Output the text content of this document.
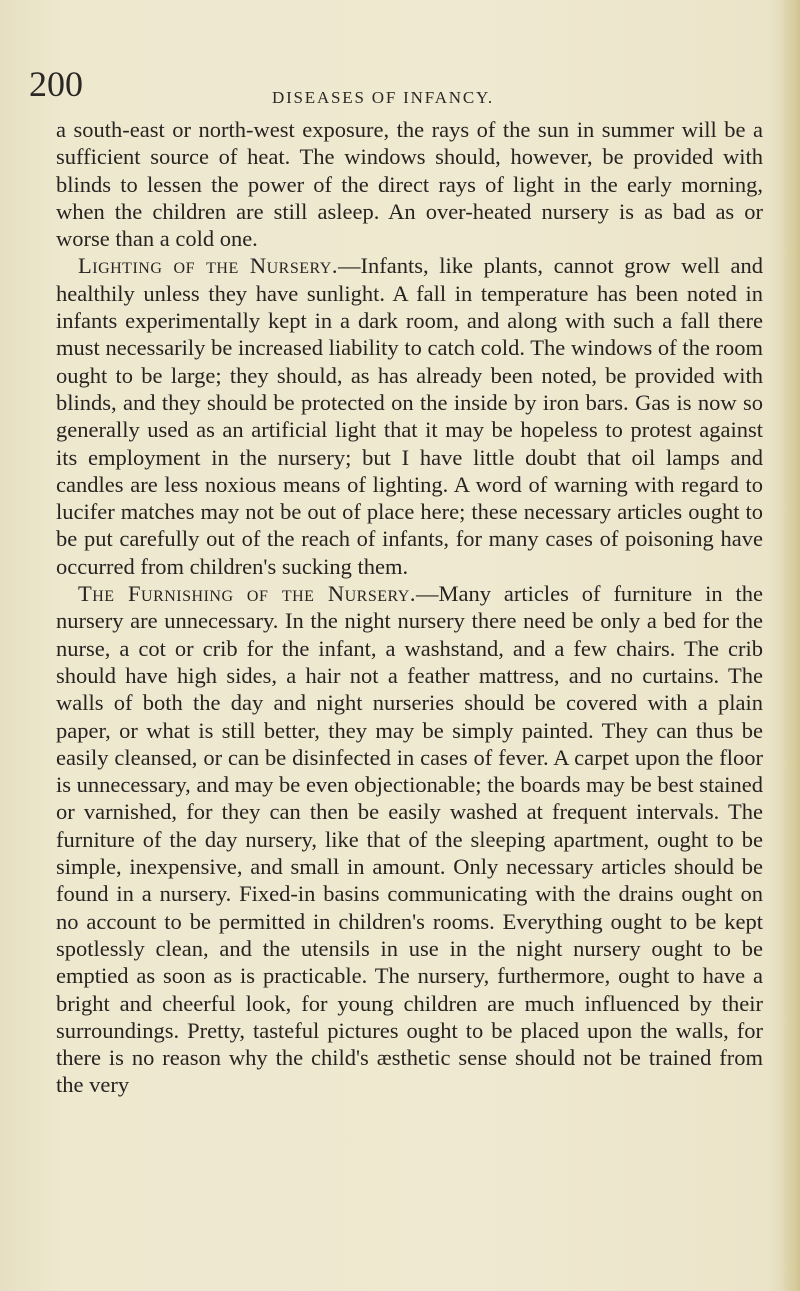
200	DISEASES OF INFANCY.

a south-east or north-west exposure, the rays of the sun in summer will be a sufficient source of heat. The windows should, however, be provided with blinds to lessen the power of the direct rays of light in the early morning, when the children are still asleep. An over-heated nursery is as bad as or worse than a cold one.

Lighting of the Nursery.—Infants, like plants, cannot grow well and healthily unless they have sunlight. A fall in temperature has been noted in infants experimentally kept in a dark room, and along with such a fall there must necessarily be increased liability to catch cold. The windows of the room ought to be large; they should, as has already been noted, be provided with blinds, and they should be protected on the inside by iron bars. Gas is now so generally used as an artificial light that it may be hopeless to protest against its employment in the nursery; but I have little doubt that oil lamps and candles are less noxious means of lighting. A word of warning with regard to lucifer matches may not be out of place here; these necessary articles ought to be put carefully out of the reach of infants, for many cases of poisoning have occurred from children's sucking them.

The Furnishing of the Nursery.—Many articles of furniture in the nursery are unnecessary. In the night nursery there need be only a bed for the nurse, a cot or crib for the infant, a washstand, and a few chairs. The crib should have high sides, a hair not a feather mattress, and no curtains. The walls of both the day and night nurseries should be covered with a plain paper, or what is still better, they may be simply painted. They can thus be easily cleansed, or can be disinfected in cases of fever. A carpet upon the floor is unnecessary, and may be even objectionable; the boards may be best stained or varnished, for they can then be easily washed at frequent intervals. The furniture of the day nursery, like that of the sleeping apartment, ought to be simple, inexpensive, and small in amount. Only necessary articles should be found in a nursery. Fixed-in basins communicating with the drains ought on no account to be permitted in children's rooms. Everything ought to be kept spotlessly clean, and the utensils in use in the night nursery ought to be emptied as soon as is practicable. The nursery, furthermore, ought to have a bright and cheerful look, for young children are much influenced by their surroundings. Pretty, tasteful pictures ought to be placed upon the walls, for there is no reason why the child's æsthetic sense should not be trained from the very
